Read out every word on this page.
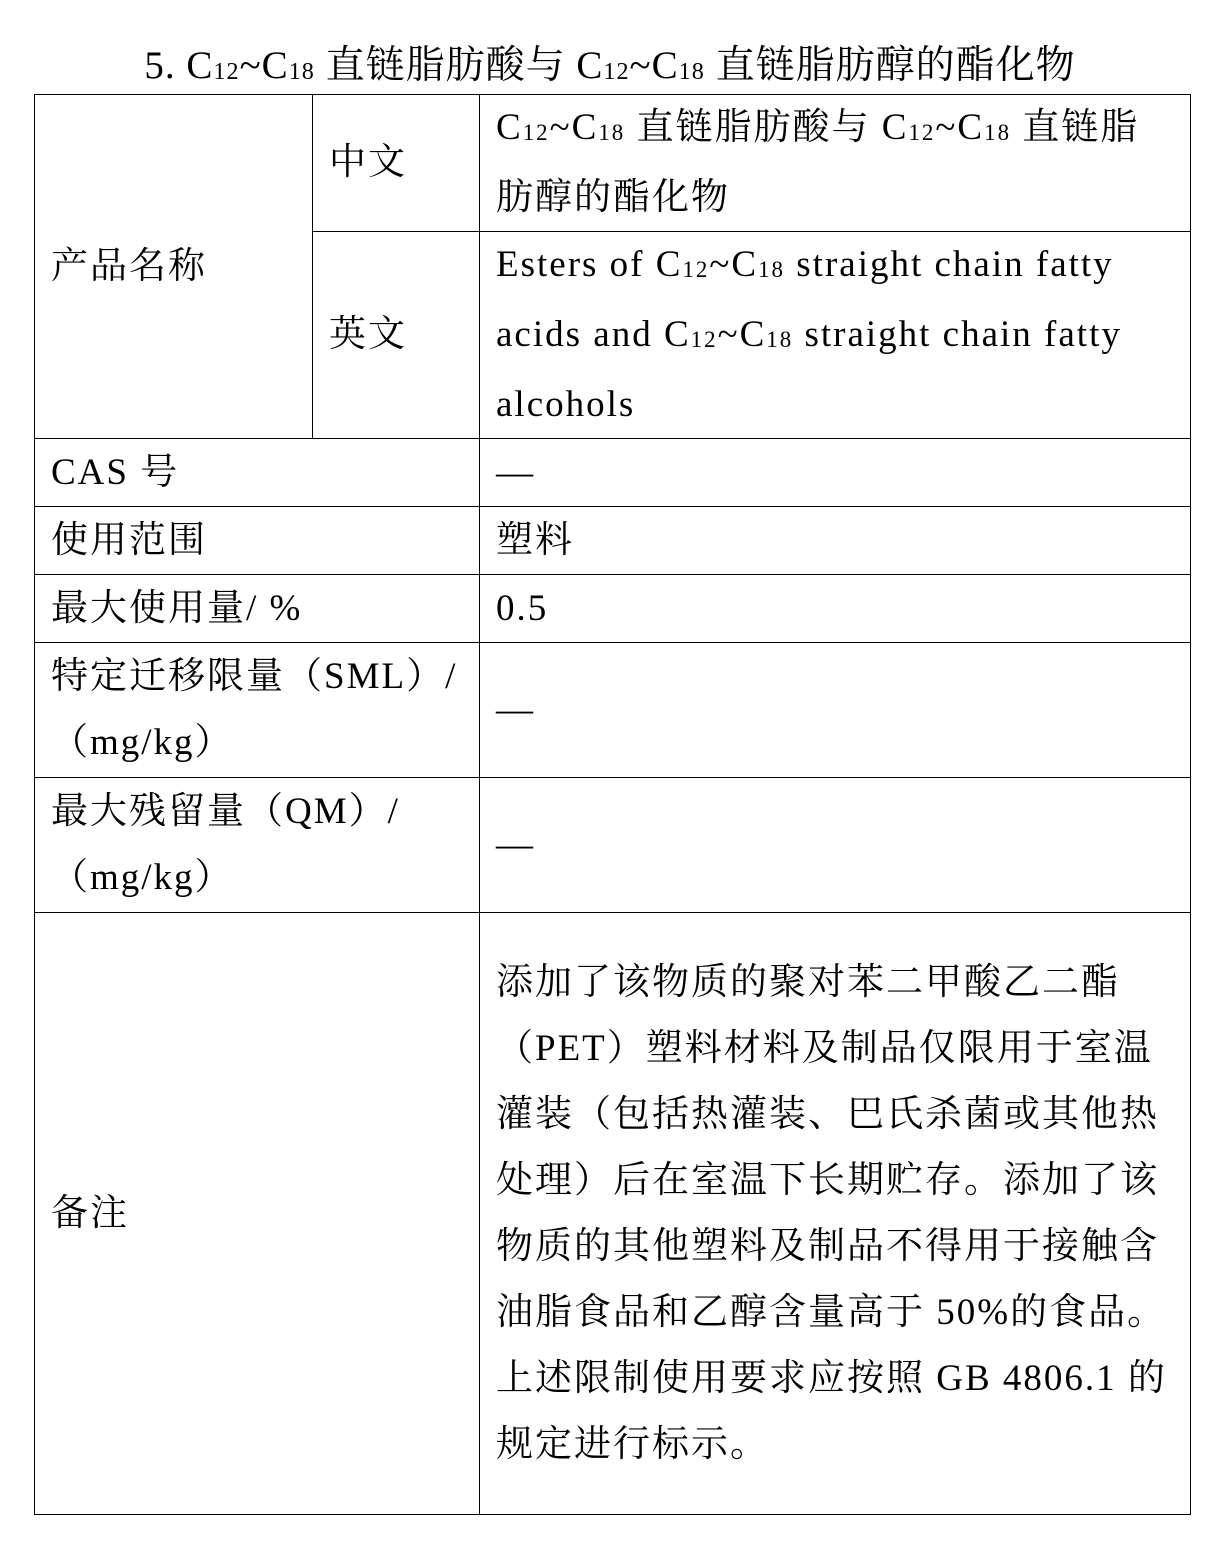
5. $C_{12}\sim C_{18}$ 直链脂肪酸与 $C_{12}\sim C_{18}$ 直链脂肪醇的酯化物
产品名称	中文	$C_{12}\sim C_{18}$ 直链脂肪酸与 $C_{12}\sim C_{18}$ 直链脂肪醇的酯化物
	英文	Esters of $C_{12}\sim C_{18}$ straight chain fatty acids and $C_{12}\sim C_{18}$ straight chain fatty alcohols
CAS 号		—
使用范围		塑料
最大使用量/ %		0.5
特定迁移限量（SML）/（mg/kg）		—
最大残留量（QM）/（mg/kg）		—
备注		添加了该物质的聚对苯二甲酸乙二酯（PET）塑料材料及制品仅限用于室温灌装（包括热灌装、巴氏杀菌或其他热处理）后在室温下长期贮存。添加了该物质的其他塑料及制品不得用于接触含油脂食品和乙醇含量高于 50%的食品。上述限制使用要求应按照 GB 4806.1 的规定进行标示。
